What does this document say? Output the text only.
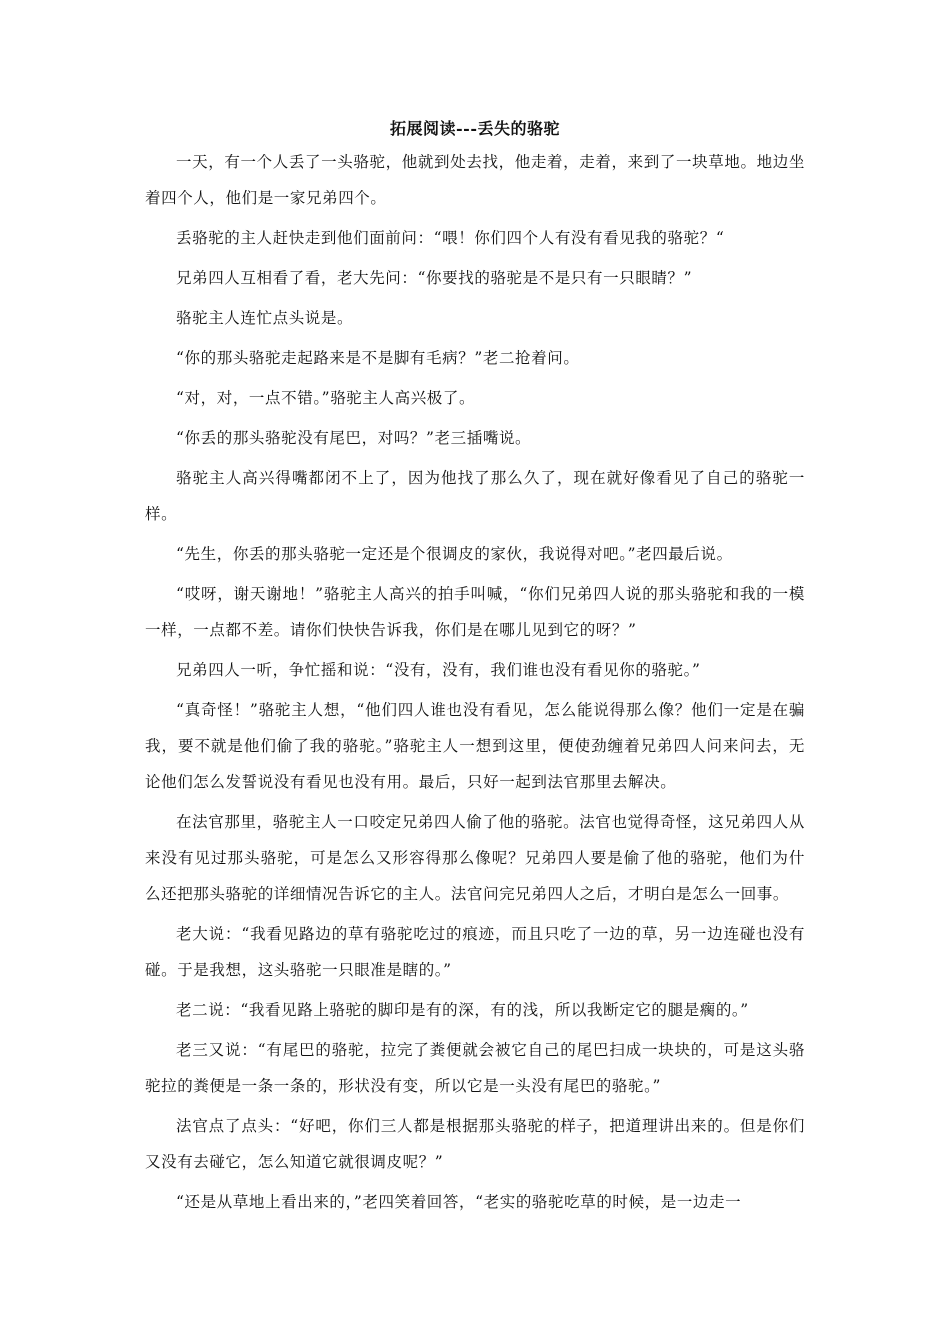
拓展阅读---丢失的骆驼

一天，有一个人丢了一头骆驼，他就到处去找，他走着，走着，来到了一块草地。地边坐着四个人，他们是一家兄弟四个。

丢骆驼的主人赶快走到他们面前问：“喂！你们四个人有没有看见我的骆驼？“

兄弟四人互相看了看，老大先问：“你要找的骆驼是不是只有一只眼睛？”

骆驼主人连忙点头说是。

“你的那头骆驼走起路来是不是脚有毛病？”老二抢着问。

“对，对，一点不错。”骆驼主人高兴极了。

“你丢的那头骆驼没有尾巴，对吗？”老三插嘴说。

骆驼主人高兴得嘴都闭不上了，因为他找了那么久了，现在就好像看见了自己的骆驼一样。

“先生，你丢的那头骆驼一定还是个很调皮的家伙，我说得对吧。”老四最后说。

“哎呀，谢天谢地！”骆驼主人高兴的拍手叫喊，“你们兄弟四人说的那头骆驼和我的一模一样，一点都不差。请你们快快告诉我，你们是在哪儿见到它的呀？”

兄弟四人一听，争忙摇和说：“没有，没有，我们谁也没有看见你的骆驼。”

“真奇怪！”骆驼主人想，“他们四人谁也没有看见，怎么能说得那么像？他们一定是在骗我，要不就是他们偷了我的骆驼。”骆驼主人一想到这里，便使劲缠着兄弟四人问来问去，无论他们怎么发誓说没有看见也没有用。最后，只好一起到法官那里去解决。

在法官那里，骆驼主人一口咬定兄弟四人偷了他的骆驼。法官也觉得奇怪，这兄弟四人从来没有见过那头骆驼，可是怎么又形容得那么像呢？兄弟四人要是偷了他的骆驼，他们为什么还把那头骆驼的详细情况告诉它的主人。法官问完兄弟四人之后，才明白是怎么一回事。

老大说：“我看见路边的草有骆驼吃过的痕迹，而且只吃了一边的草，另一边连碰也没有碰。于是我想，这头骆驼一只眼准是瞎的。”

老二说：“我看见路上骆驼的脚印是有的深，有的浅，所以我断定它的腿是瘸的。”

老三又说：“有尾巴的骆驼，拉完了粪便就会被它自己的尾巴扫成一块块的，可是这头骆驼拉的粪便是一条一条的，形状没有变，所以它是一头没有尾巴的骆驼。”

法官点了点头：“好吧，你们三人都是根据那头骆驼的样子，把道理讲出来的。但是你们又没有去碰它，怎么知道它就很调皮呢？”

“还是从草地上看出来的，”老四笑着回答，“老实的骆驼吃草的时候，是一边走一
